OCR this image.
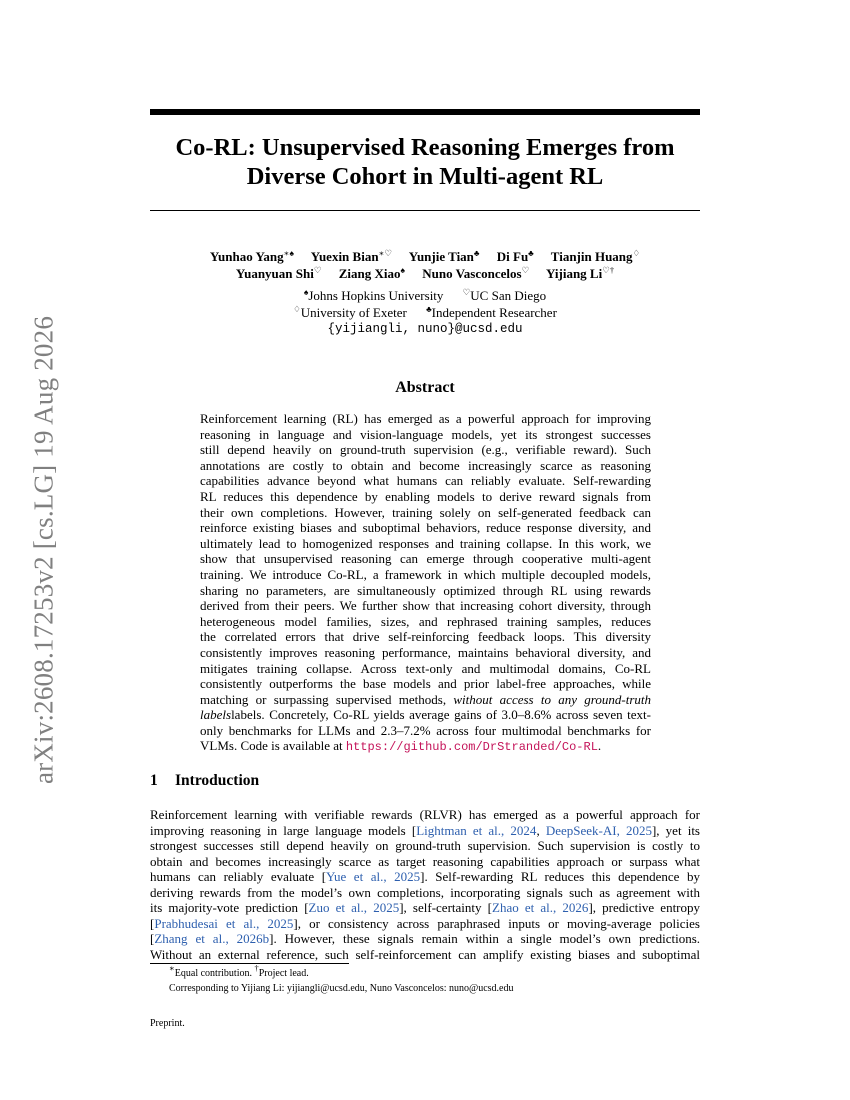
arXiv:2608.17253v2 [cs.LG] 19 Aug 2026
Co-RL: Unsupervised Reasoning Emerges from
Diverse Cohort in Multi-agent RL
Yunhao Yang∗♠ Yuexin Bian∗♡ Yunjie Tian♣ Di Fu♣ Tianjin Huang♢
Yuanyuan Shi♡ Ziang Xiao♠ Nuno Vasconcelos♡ Yijiang Li♡†
♠Johns Hopkins University ♡UC San Diego
♢University of Exeter ♣Independent Researcher
{yijiangli, nuno}@ucsd.edu
Abstract
Reinforcement learning (RL) has emerged as a powerful approach for improving
reasoning in language and vision-language models, yet its strongest successes
still depend heavily on ground-truth supervision (e.g., verifiable reward). Such
annotations are costly to obtain and become increasingly scarce as reasoning
capabilities advance beyond what humans can reliably evaluate. Self-rewarding
RL reduces this dependence by enabling models to derive reward signals from
their own completions. However, training solely on self-generated feedback can
reinforce existing biases and suboptimal behaviors, reduce response diversity, and
ultimately lead to homogenized responses and training collapse. In this work, we
show that unsupervised reasoning can emerge through cooperative multi-agent
training. We introduce Co-RL, a framework in which multiple decoupled models,
sharing no parameters, are simultaneously optimized through RL using rewards
derived from their peers. We further show that increasing cohort diversity, through
heterogeneous model families, sizes, and rephrased training samples, reduces
the correlated errors that drive self-reinforcing feedback loops. This diversity
consistently improves reasoning performance, maintains behavioral diversity, and
mitigates training collapse. Across text-only and multimodal domains, Co-RL
consistently outperforms the base models and prior label-free approaches, while
matching or surpassing supervised methods, without access to any ground-truth
labelslabels. Concretely, Co-RL yields average gains of 3.0–8.6% across seven text-
only benchmarks for LLMs and 2.3–7.2% across four multimodal benchmarks for
VLMs. Code is available at https://github.com/DrStranded/Co-RL.
1 Introduction
Reinforcement learning with verifiable rewards (RLVR) has emerged as a powerful approach for
improving reasoning in large language models [Lightman et al., 2024, DeepSeek-AI, 2025], yet its
strongest successes still depend heavily on ground-truth supervision. Such supervision is costly to
obtain and becomes increasingly scarce as target reasoning capabilities approach or surpass what
humans can reliably evaluate [Yue et al., 2025]. Self-rewarding RL reduces this dependence by
deriving rewards from the model’s own completions, incorporating signals such as agreement with
its majority-vote prediction [Zuo et al., 2025], self-certainty [Zhao et al., 2026], predictive entropy
[Prabhudesai et al., 2025], or consistency across paraphrased inputs or moving-average policies
[Zhang et al., 2026b]. However, these signals remain within a single model’s own predictions.
Without an external reference, such self-reinforcement can amplify existing biases and suboptimal
∗Equal contribution. †Project lead.
Corresponding to Yijiang Li: yijiangli@ucsd.edu, Nuno Vasconcelos: nuno@ucsd.edu
Preprint.
